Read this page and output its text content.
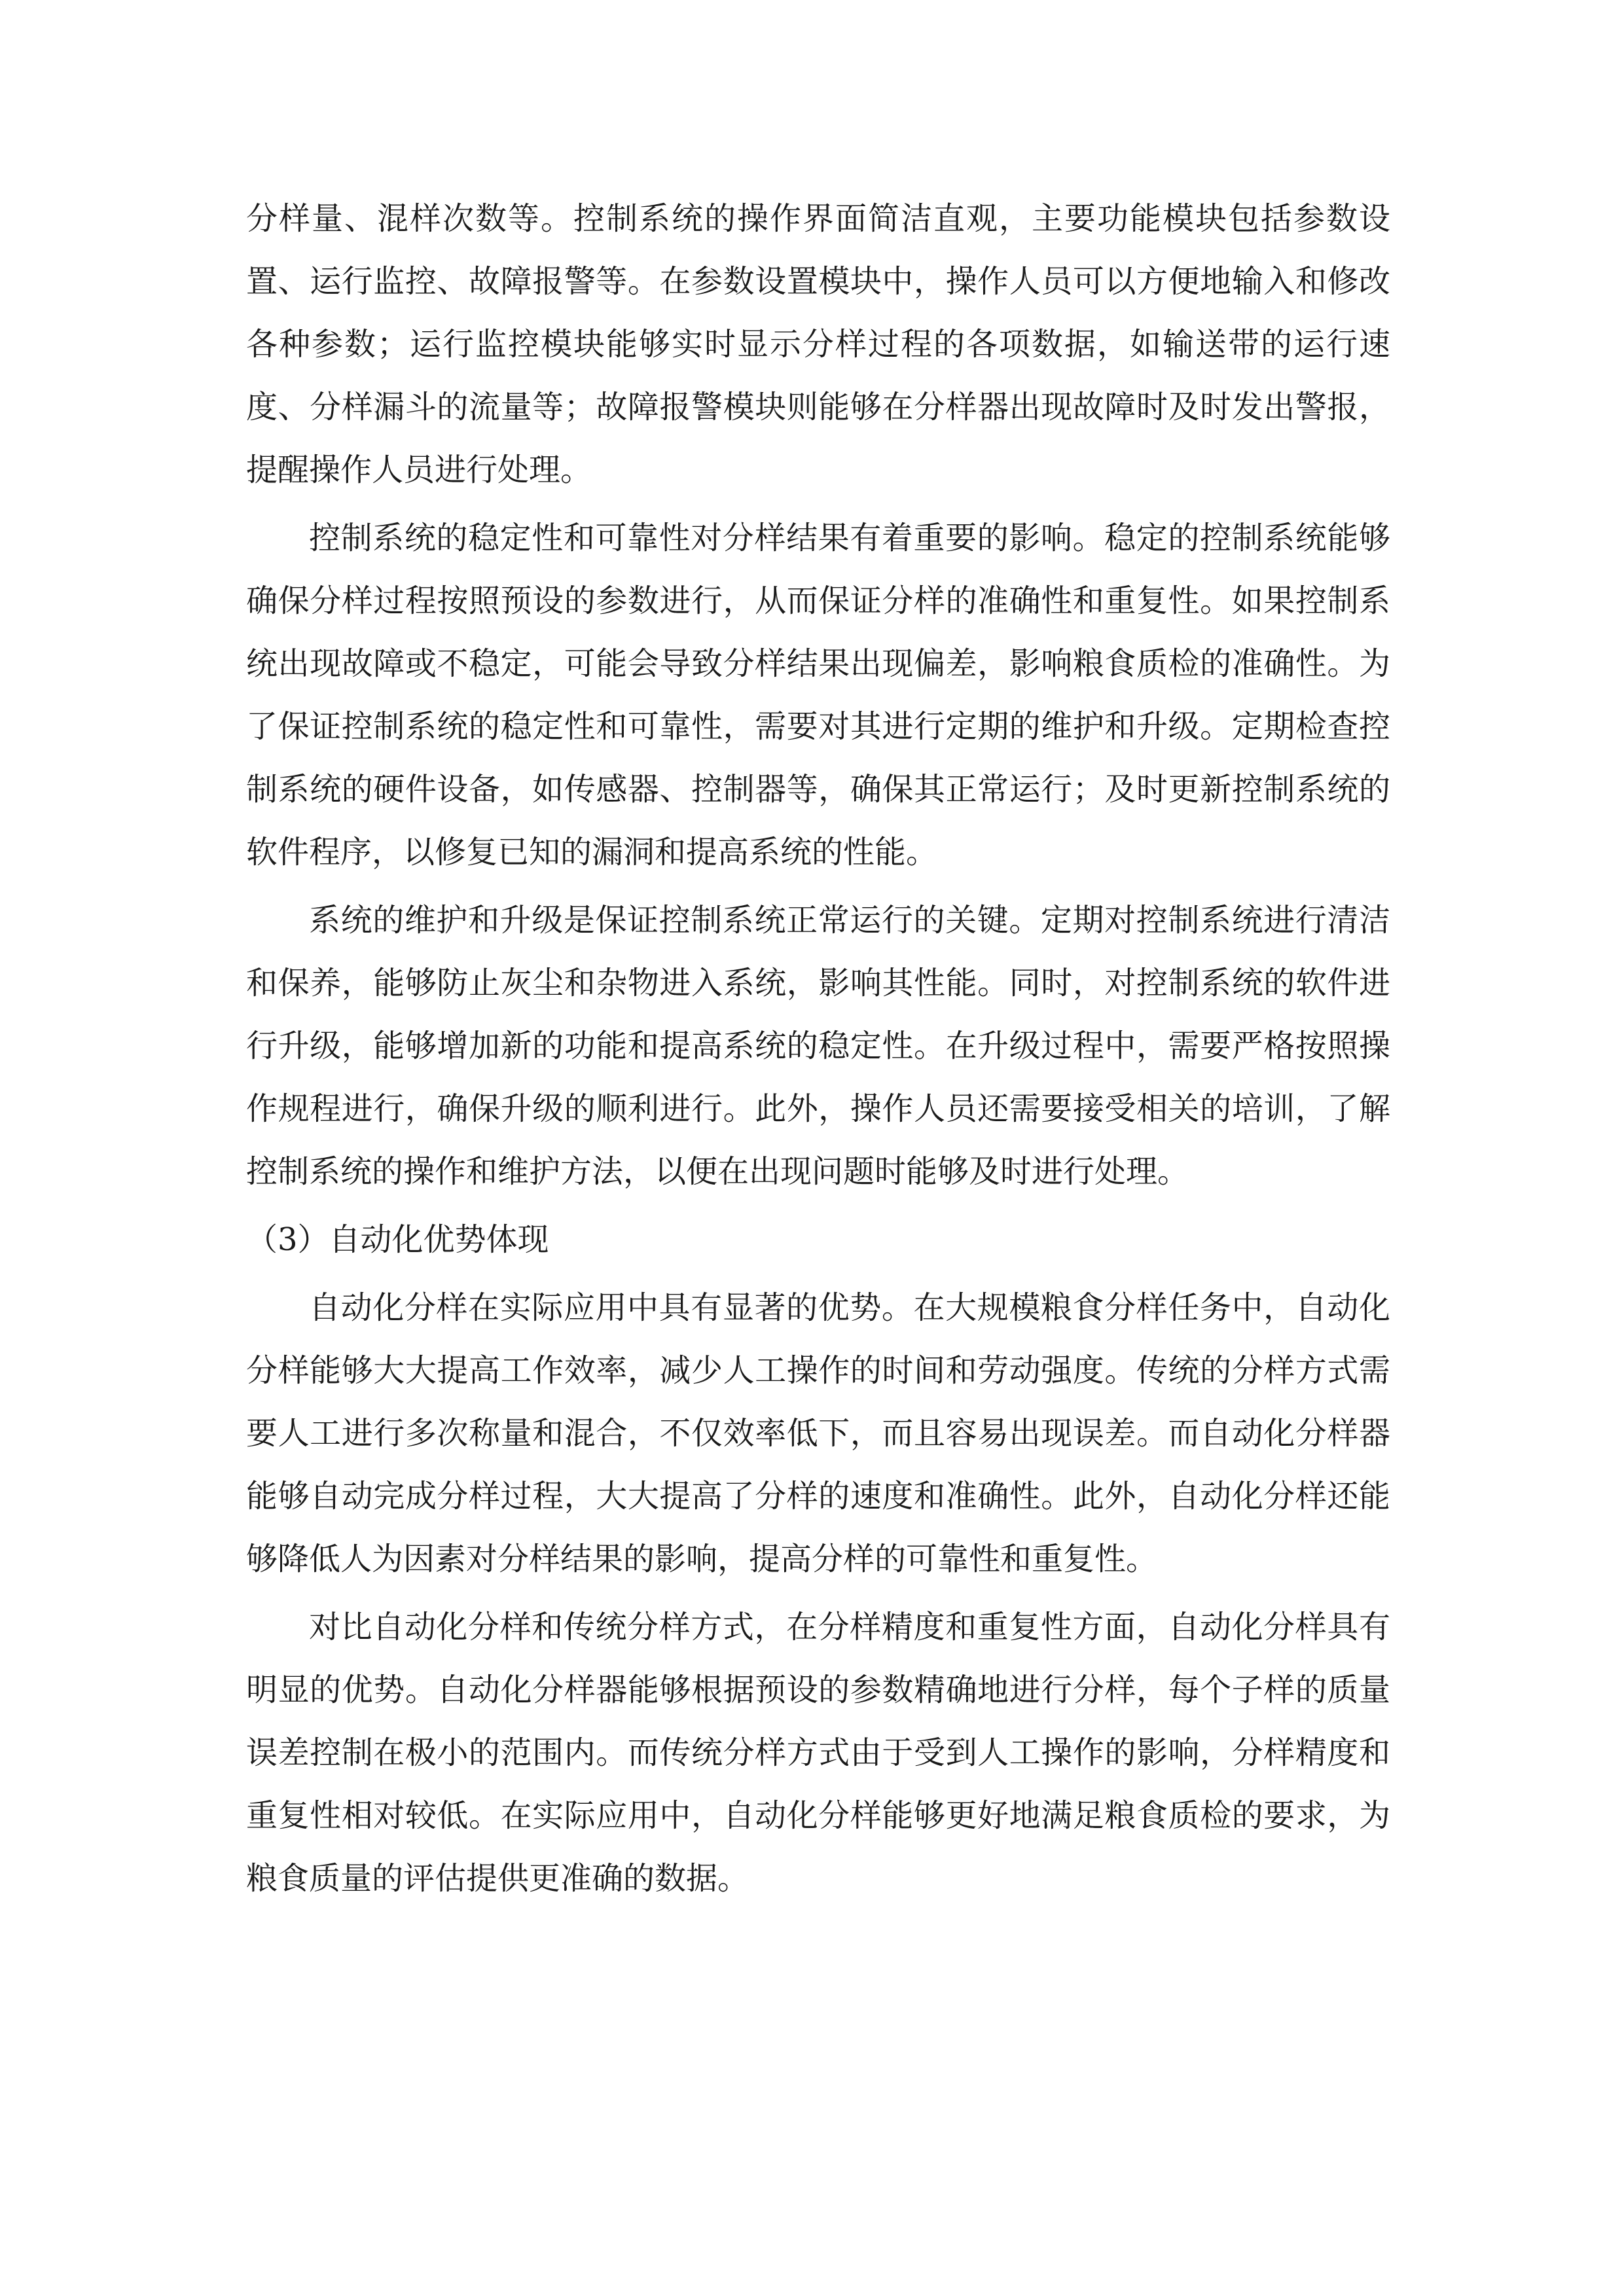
分样量、混样次数等。控制系统的操作界面简洁直观，主要功能模块包括参数设置、运行监控、故障报警等。在参数设置模块中，操作人员可以方便地输入和修改各种参数；运行监控模块能够实时显示分样过程的各项数据，如输送带的运行速度、分样漏斗的流量等；故障报警模块则能够在分样器出现故障时及时发出警报，提醒操作人员进行处理。

控制系统的稳定性和可靠性对分样结果有着重要的影响。稳定的控制系统能够确保分样过程按照预设的参数进行，从而保证分样的准确性和重复性。如果控制系统出现故障或不稳定，可能会导致分样结果出现偏差，影响粮食质检的准确性。为了保证控制系统的稳定性和可靠性，需要对其进行定期的维护和升级。定期检查控制系统的硬件设备，如传感器、控制器等，确保其正常运行；及时更新控制系统的软件程序，以修复已知的漏洞和提高系统的性能。

系统的维护和升级是保证控制系统正常运行的关键。定期对控制系统进行清洁和保养，能够防止灰尘和杂物进入系统，影响其性能。同时，对控制系统的软件进行升级，能够增加新的功能和提高系统的稳定性。在升级过程中，需要严格按照操作规程进行，确保升级的顺利进行。此外，操作人员还需要接受相关的培训，了解控制系统的操作和维护方法，以便在出现问题时能够及时进行处理。

（3）自动化优势体现

自动化分样在实际应用中具有显著的优势。在大规模粮食分样任务中，自动化分样能够大大提高工作效率，减少人工操作的时间和劳动强度。传统的分样方式需要人工进行多次称量和混合，不仅效率低下，而且容易出现误差。而自动化分样器能够自动完成分样过程，大大提高了分样的速度和准确性。此外，自动化分样还能够降低人为因素对分样结果的影响，提高分样的可靠性和重复性。

对比自动化分样和传统分样方式，在分样精度和重复性方面，自动化分样具有明显的优势。自动化分样器能够根据预设的参数精确地进行分样，每个子样的质量误差控制在极小的范围内。而传统分样方式由于受到人工操作的影响，分样精度和重复性相对较低。在实际应用中，自动化分样能够更好地满足粮食质检的要求，为粮食质量的评估提供更准确的数据。
